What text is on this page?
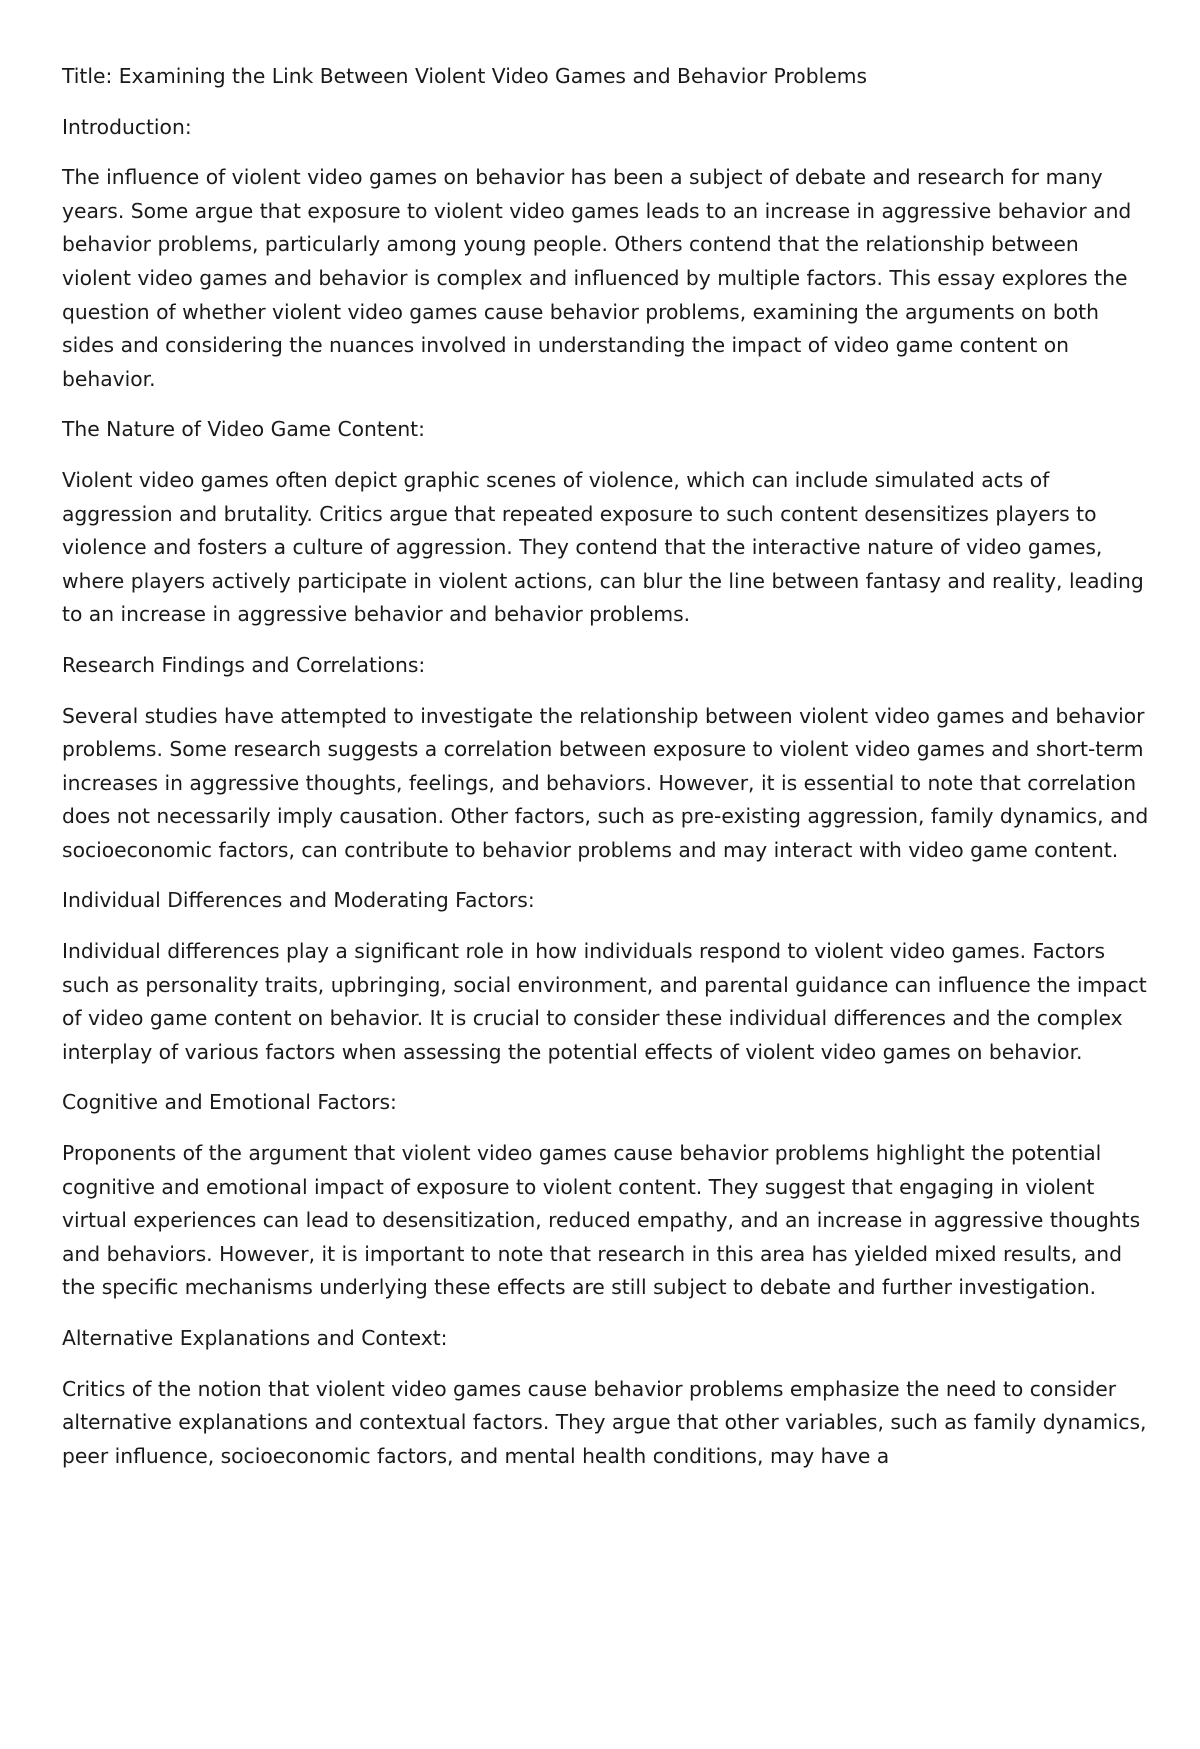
Title: Examining the Link Between Violent Video Games and Behavior Problems
Introduction:

The influence of violent video games on behavior has been a subject of debate and research for many years. Some argue that exposure to violent video games leads to an increase in aggressive behavior and behavior problems, particularly among young people. Others contend that the relationship between violent video games and behavior is complex and influenced by multiple factors. This essay explores the question of whether violent video games cause behavior problems, examining the arguments on both sides and considering the nuances involved in understanding the impact of video game content on behavior.

The Nature of Video Game Content:

Violent video games often depict graphic scenes of violence, which can include simulated acts of aggression and brutality. Critics argue that repeated exposure to such content desensitizes players to violence and fosters a culture of aggression. They contend that the interactive nature of video games, where players actively participate in violent actions, can blur the line between fantasy and reality, leading to an increase in aggressive behavior and behavior problems.

Research Findings and Correlations:

Several studies have attempted to investigate the relationship between violent video games and behavior problems. Some research suggests a correlation between exposure to violent video games and short-term increases in aggressive thoughts, feelings, and behaviors. However, it is essential to note that correlation does not necessarily imply causation. Other factors, such as pre-existing aggression, family dynamics, and socioeconomic factors, can contribute to behavior problems and may interact with video game content.

Individual Differences and Moderating Factors:

Individual differences play a significant role in how individuals respond to violent video games. Factors such as personality traits, upbringing, social environment, and parental guidance can influence the impact of video game content on behavior. It is crucial to consider these individual differences and the complex interplay of various factors when assessing the potential effects of violent video games on behavior.

Cognitive and Emotional Factors:

Proponents of the argument that violent video games cause behavior problems highlight the potential cognitive and emotional impact of exposure to violent content. They suggest that engaging in violent virtual experiences can lead to desensitization, reduced empathy, and an increase in aggressive thoughts and behaviors. However, it is important to note that research in this area has yielded mixed results, and the specific mechanisms underlying these effects are still subject to debate and further investigation.

Alternative Explanations and Context:

Critics of the notion that violent video games cause behavior problems emphasize the need to consider alternative explanations and contextual factors. They argue that other variables, such as family dynamics, peer influence, socioeconomic factors, and mental health conditions, may have a
